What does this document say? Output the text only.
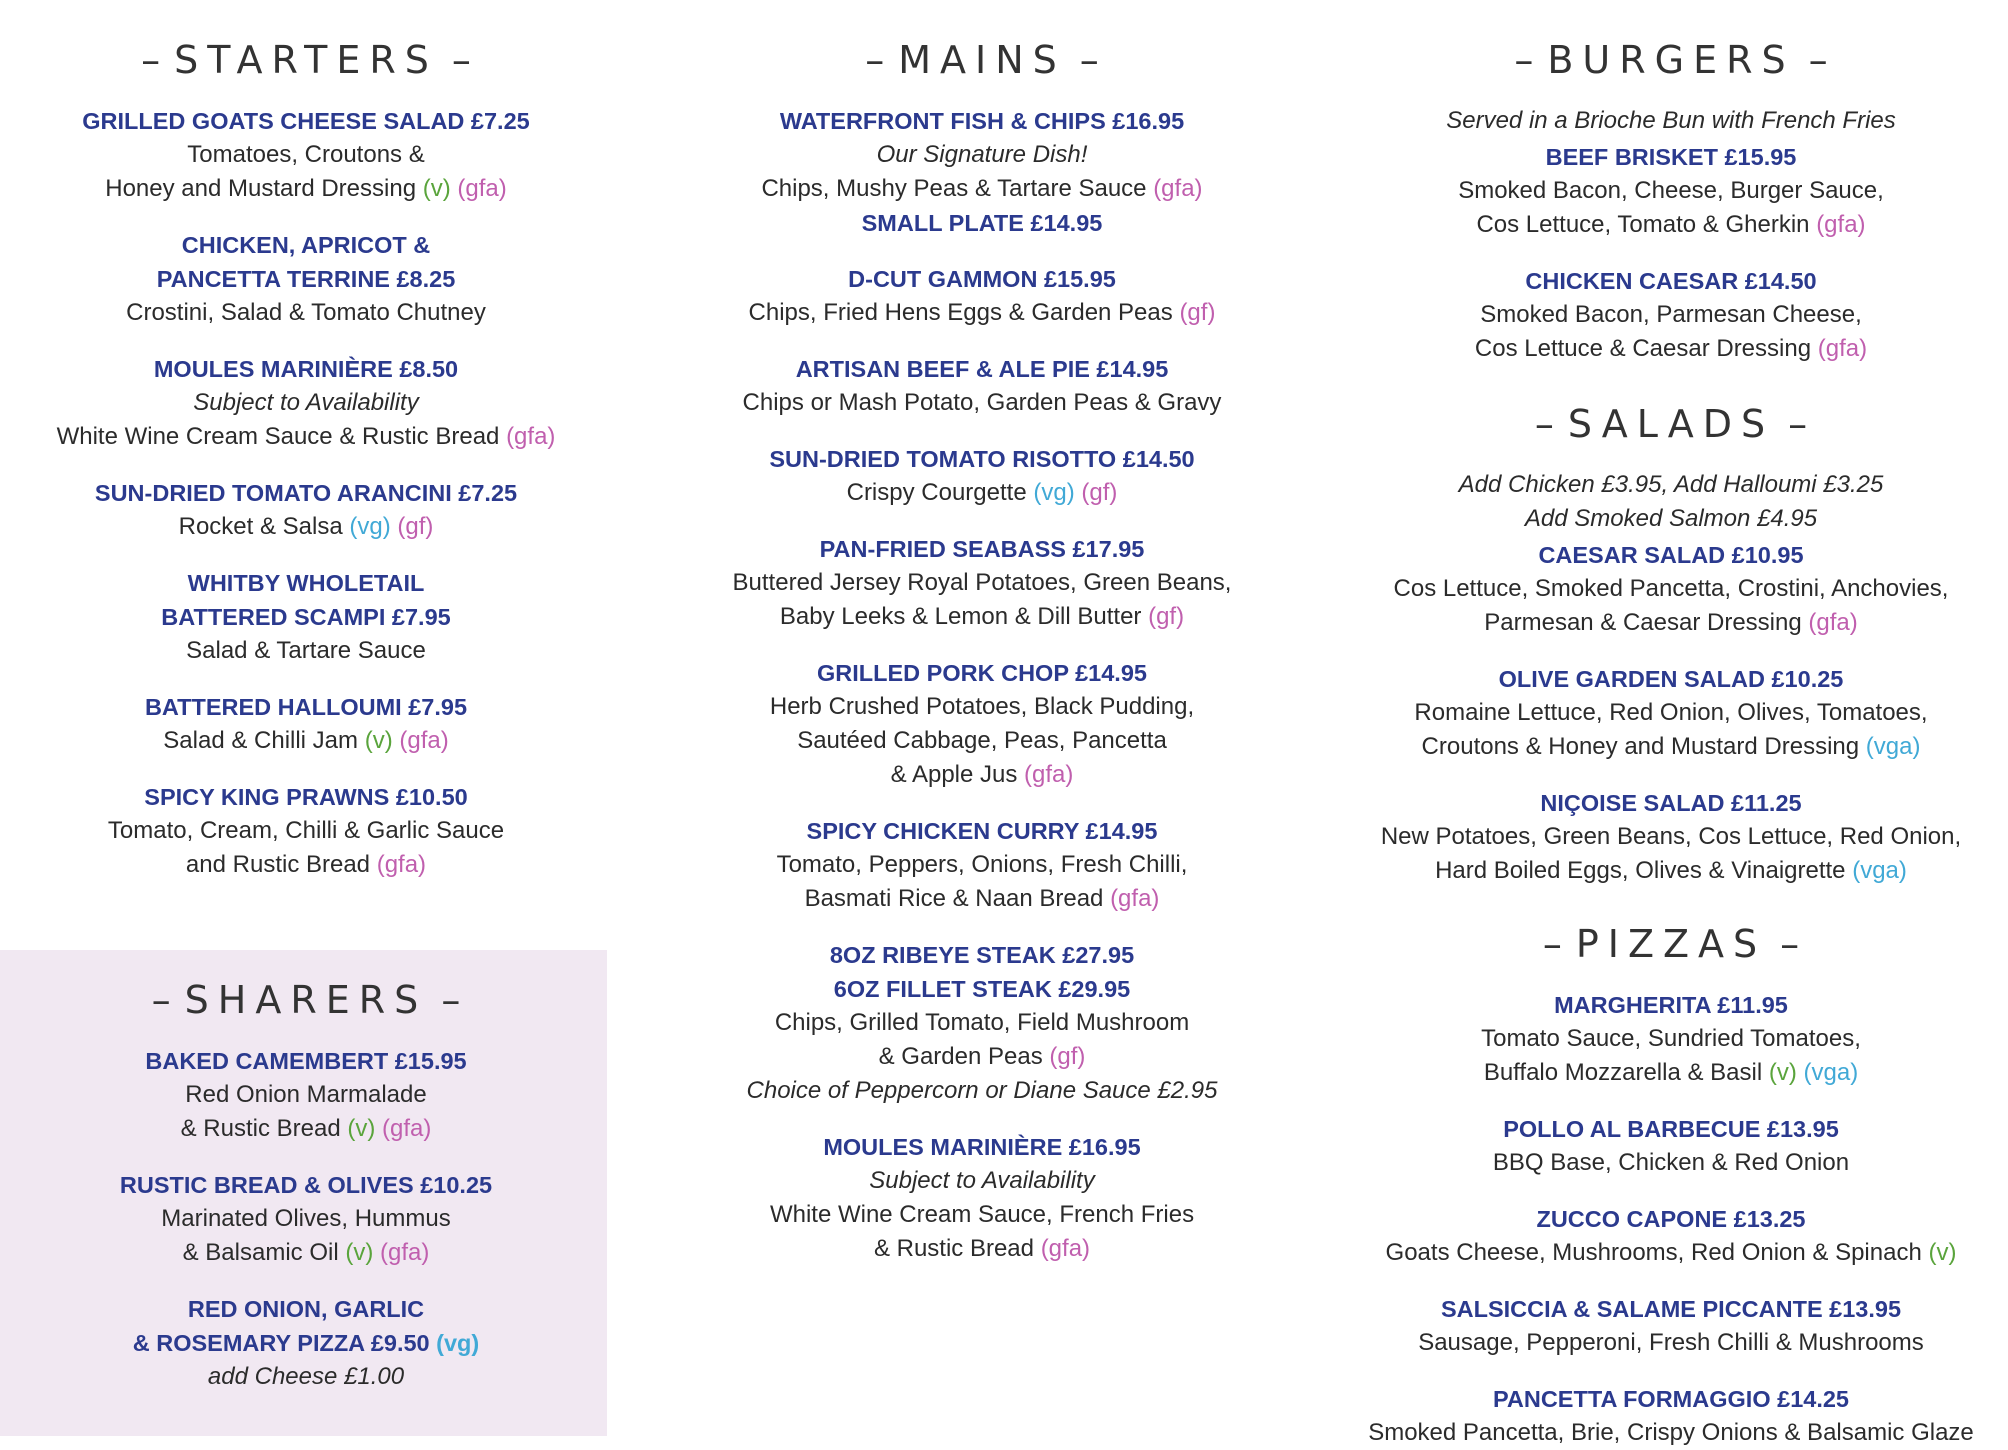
– STARTERS –
GRILLED GOATS CHEESE SALAD £7.25
Tomatoes, Croutons &
Honey and Mustard Dressing (v) (gfa)
CHICKEN, APRICOT &
PANCETTA TERRINE £8.25
Crostini, Salad & Tomato Chutney
MOULES MARINIÈRE £8.50
Subject to Availability
White Wine Cream Sauce & Rustic Bread (gfa)
SUN-DRIED TOMATO ARANCINI £7.25
Rocket & Salsa (vg) (gf)
WHITBY WHOLETAIL
BATTERED SCAMPI £7.95
Salad & Tartare Sauce
BATTERED HALLOUMI £7.95
Salad & Chilli Jam (v) (gfa)
SPICY KING PRAWNS £10.50
Tomato, Cream, Chilli & Garlic Sauce
and Rustic Bread (gfa)
– SHARERS –
BAKED CAMEMBERT £15.95
Red Onion Marmalade
& Rustic Bread (v) (gfa)
RUSTIC BREAD & OLIVES £10.25
Marinated Olives, Hummus
& Balsamic Oil (v) (gfa)
RED ONION, GARLIC
& ROSEMARY PIZZA £9.50 (vg)
add Cheese £1.00
– MAINS –
WATERFRONT FISH & CHIPS £16.95
Our Signature Dish!
Chips, Mushy Peas & Tartare Sauce (gfa)
SMALL PLATE £14.95
D-CUT GAMMON £15.95
Chips, Fried Hens Eggs & Garden Peas (gf)
ARTISAN BEEF & ALE PIE £14.95
Chips or Mash Potato, Garden Peas & Gravy
SUN-DRIED TOMATO RISOTTO £14.50
Crispy Courgette (vg) (gf)
PAN-FRIED SEABASS £17.95
Buttered Jersey Royal Potatoes, Green Beans,
Baby Leeks & Lemon & Dill Butter (gf)
GRILLED PORK CHOP £14.95
Herb Crushed Potatoes, Black Pudding,
Sautéed Cabbage, Peas, Pancetta
& Apple Jus (gfa)
SPICY CHICKEN CURRY £14.95
Tomato, Peppers, Onions, Fresh Chilli,
Basmati Rice & Naan Bread (gfa)
8OZ RIBEYE STEAK £27.95
6OZ FILLET STEAK £29.95
Chips, Grilled Tomato, Field Mushroom
& Garden Peas (gf)
Choice of Peppercorn or Diane Sauce £2.95
MOULES MARINIÈRE £16.95
Subject to Availability
White Wine Cream Sauce, French Fries
& Rustic Bread (gfa)
– BURGERS –
Served in a Brioche Bun with French Fries
BEEF BRISKET £15.95
Smoked Bacon, Cheese, Burger Sauce,
Cos Lettuce, Tomato & Gherkin (gfa)
CHICKEN CAESAR £14.50
Smoked Bacon, Parmesan Cheese,
Cos Lettuce & Caesar Dressing (gfa)
– SALADS –
Add Chicken £3.95, Add Halloumi £3.25
Add Smoked Salmon £4.95
CAESAR SALAD £10.95
Cos Lettuce, Smoked Pancetta, Crostini, Anchovies,
Parmesan & Caesar Dressing (gfa)
OLIVE GARDEN SALAD £10.25
Romaine Lettuce, Red Onion, Olives, Tomatoes,
Croutons & Honey and Mustard Dressing (vga)
NIÇOISE SALAD £11.25
New Potatoes, Green Beans, Cos Lettuce, Red Onion,
Hard Boiled Eggs, Olives & Vinaigrette (vga)
– PIZZAS –
MARGHERITA £11.95
Tomato Sauce, Sundried Tomatoes,
Buffalo Mozzarella & Basil (v) (vga)
POLLO AL BARBECUE £13.95
BBQ Base, Chicken & Red Onion
ZUCCO CAPONE £13.25
Goats Cheese, Mushrooms, Red Onion & Spinach (v)
SALSICCIA & SALAME PICCANTE £13.95
Sausage, Pepperoni, Fresh Chilli & Mushrooms
PANCETTA FORMAGGIO £14.25
Smoked Pancetta, Brie, Crispy Onions & Balsamic Glaze
